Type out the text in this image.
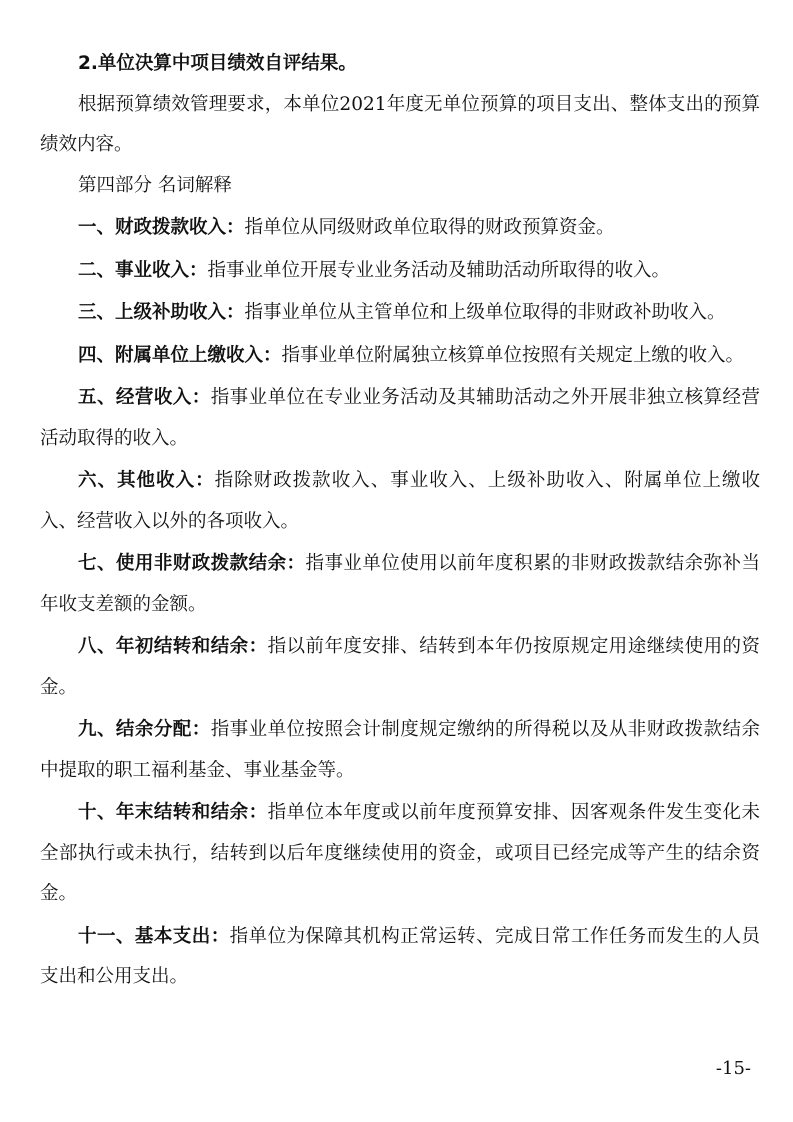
2.单位决算中项目绩效自评结果。

根据预算绩效管理要求，本单位2021年度无单位预算的项目支出、整体支出的预算绩效内容。

第四部分 名词解释

一、财政拨款收入：指单位从同级财政单位取得的财政预算资金。

二、事业收入：指事业单位开展专业业务活动及辅助活动所取得的收入。

三、上级补助收入：指事业单位从主管单位和上级单位取得的非财政补助收入。

四、附属单位上缴收入：指事业单位附属独立核算单位按照有关规定上缴的收入。

五、经营收入：指事业单位在专业业务活动及其辅助活动之外开展非独立核算经营活动取得的收入。

六、其他收入：指除财政拨款收入、事业收入、上级补助收入、附属单位上缴收入、经营收入以外的各项收入。

七、使用非财政拨款结余：指事业单位使用以前年度积累的非财政拨款结余弥补当年收支差额的金额。

八、年初结转和结余：指以前年度安排、结转到本年仍按原规定用途继续使用的资金。

九、结余分配：指事业单位按照会计制度规定缴纳的所得税以及从非财政拨款结余中提取的职工福利基金、事业基金等。

十、年末结转和结余：指单位本年度或以前年度预算安排、因客观条件发生变化未全部执行或未执行，结转到以后年度继续使用的资金，或项目已经完成等产生的结余资金。

十一、基本支出：指单位为保障其机构正常运转、完成日常工作任务而发生的人员支出和公用支出。

-15-
